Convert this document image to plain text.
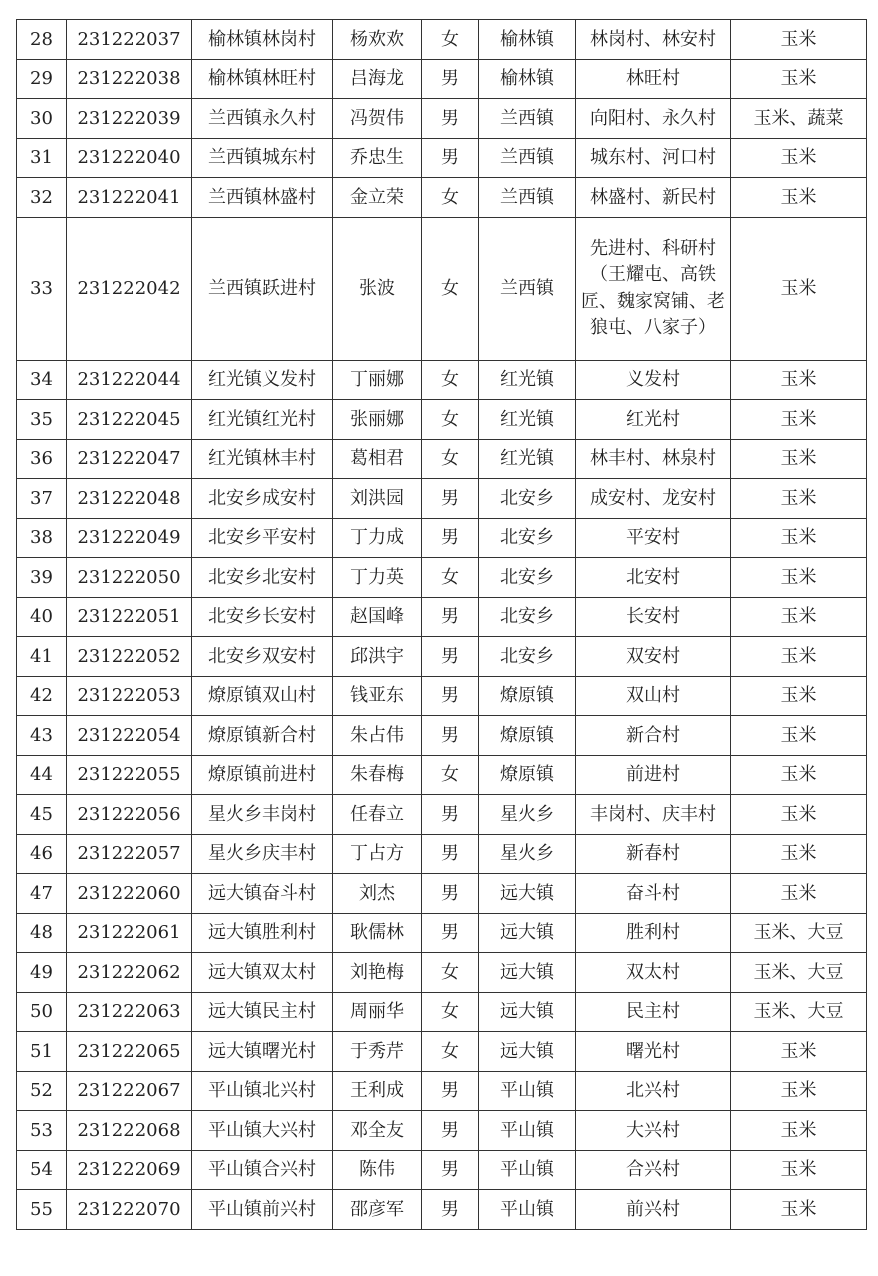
28	231222037	榆林镇林岗村	杨欢欢	女	榆林镇	林岗村、林安村	玉米
29	231222038	榆林镇林旺村	吕海龙	男	榆林镇	林旺村	玉米
30	231222039	兰西镇永久村	冯贺伟	男	兰西镇	向阳村、永久村	玉米、蔬菜
31	231222040	兰西镇城东村	乔忠生	男	兰西镇	城东村、河口村	玉米
32	231222041	兰西镇林盛村	金立荣	女	兰西镇	林盛村、新民村	玉米
33	231222042	兰西镇跃进村	张波	女	兰西镇	先进村、科研村（王耀屯、高铁匠、魏家窝铺、老狼屯、八家子）	玉米
34	231222044	红光镇义发村	丁丽娜	女	红光镇	义发村	玉米
35	231222045	红光镇红光村	张丽娜	女	红光镇	红光村	玉米
36	231222047	红光镇林丰村	葛相君	女	红光镇	林丰村、林泉村	玉米
37	231222048	北安乡成安村	刘洪园	男	北安乡	成安村、龙安村	玉米
38	231222049	北安乡平安村	丁力成	男	北安乡	平安村	玉米
39	231222050	北安乡北安村	丁力英	女	北安乡	北安村	玉米
40	231222051	北安乡长安村	赵国峰	男	北安乡	长安村	玉米
41	231222052	北安乡双安村	邱洪宇	男	北安乡	双安村	玉米
42	231222053	燎原镇双山村	钱亚东	男	燎原镇	双山村	玉米
43	231222054	燎原镇新合村	朱占伟	男	燎原镇	新合村	玉米
44	231222055	燎原镇前进村	朱春梅	女	燎原镇	前进村	玉米
45	231222056	星火乡丰岗村	任春立	男	星火乡	丰岗村、庆丰村	玉米
46	231222057	星火乡庆丰村	丁占方	男	星火乡	新春村	玉米
47	231222060	远大镇奋斗村	刘杰	男	远大镇	奋斗村	玉米
48	231222061	远大镇胜利村	耿儒林	男	远大镇	胜利村	玉米、大豆
49	231222062	远大镇双太村	刘艳梅	女	远大镇	双太村	玉米、大豆
50	231222063	远大镇民主村	周丽华	女	远大镇	民主村	玉米、大豆
51	231222065	远大镇曙光村	于秀芹	女	远大镇	曙光村	玉米
52	231222067	平山镇北兴村	王利成	男	平山镇	北兴村	玉米
53	231222068	平山镇大兴村	邓全友	男	平山镇	大兴村	玉米
54	231222069	平山镇合兴村	陈伟	男	平山镇	合兴村	玉米
55	231222070	平山镇前兴村	邵彦军	男	平山镇	前兴村	玉米
